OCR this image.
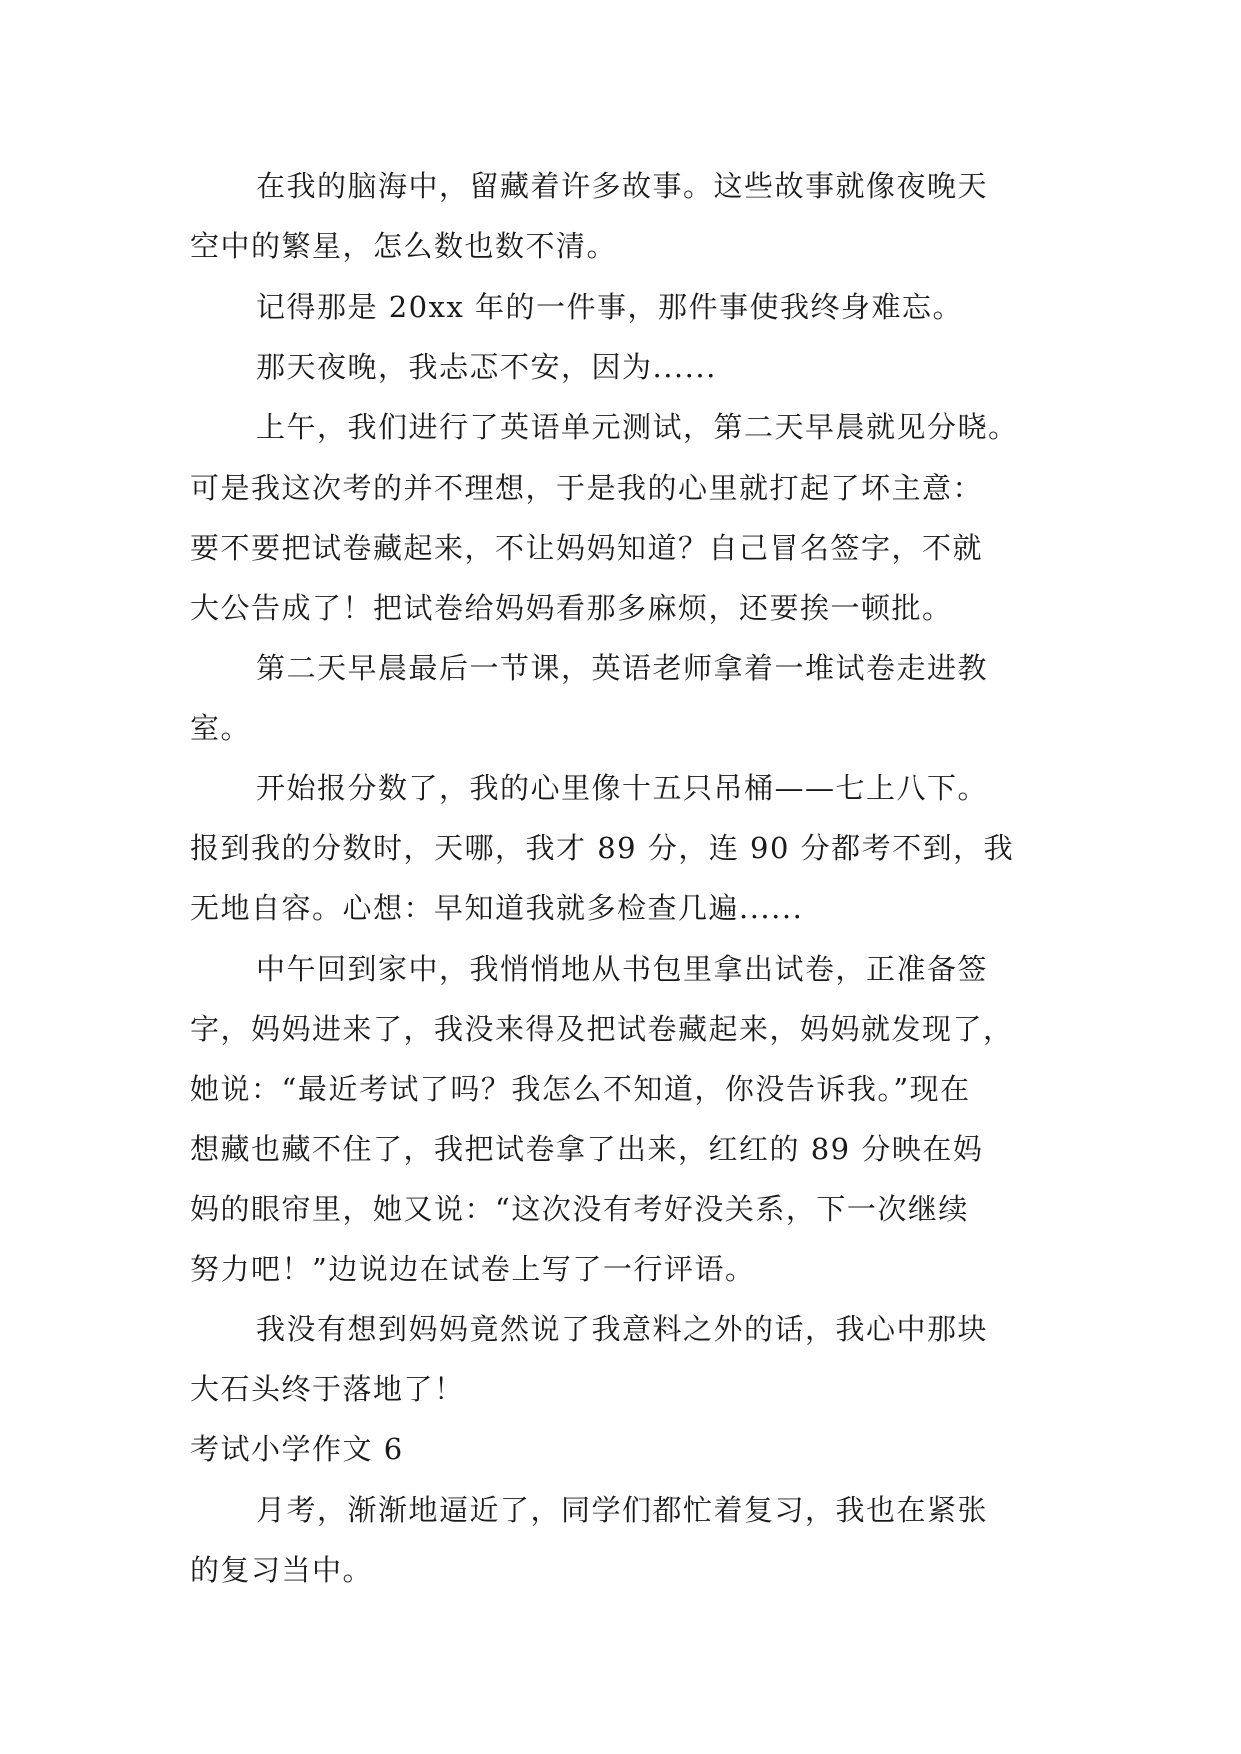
在我的脑海中，留藏着许多故事。这些故事就像夜晚天
空中的繁星，怎么数也数不清。
记得那是 20xx 年的一件事，那件事使我终身难忘。
那天夜晚，我忐忑不安，因为......
上午，我们进行了英语单元测试，第二天早晨就见分晓。
可是我这次考的并不理想，于是我的心里就打起了坏主意：
要不要把试卷藏起来，不让妈妈知道？自己冒名签字，不就
大公告成了！把试卷给妈妈看那多麻烦，还要挨一顿批。
第二天早晨最后一节课，英语老师拿着一堆试卷走进教
室。
开始报分数了，我的心里像十五只吊桶——七上八下。
报到我的分数时，天哪，我才 89 分，连 90 分都考不到，我
无地自容。心想：早知道我就多检查几遍......
中午回到家中，我悄悄地从书包里拿出试卷，正准备签
字，妈妈进来了，我没来得及把试卷藏起来，妈妈就发现了，
她说：“最近考试了吗？我怎么不知道，你没告诉我。”现在
想藏也藏不住了，我把试卷拿了出来，红红的 89 分映在妈
妈的眼帘里，她又说：“这次没有考好没关系，下一次继续
努力吧！”边说边在试卷上写了一行评语。
我没有想到妈妈竟然说了我意料之外的话，我心中那块
大石头终于落地了！
考试小学作文 6
月考，渐渐地逼近了，同学们都忙着复习，我也在紧张
的复习当中。
